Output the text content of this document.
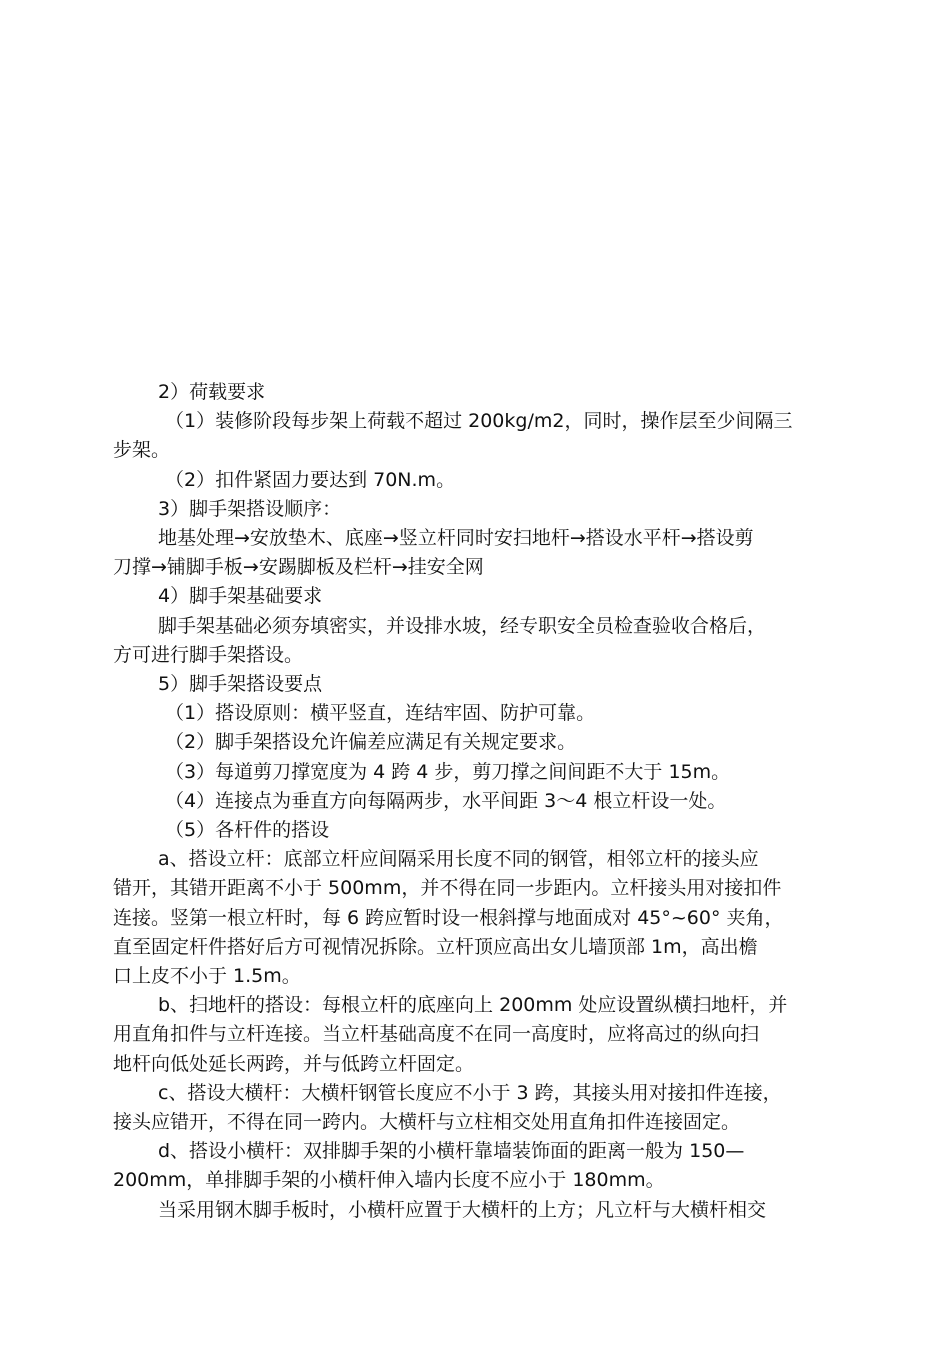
2）荷载要求
（1）装修阶段每步架上荷载不超过 200kg/m2，同时，操作层至少间隔三
步架。
（2）扣件紧固力要达到 70N.m。
3）脚手架搭设顺序：
地基处理→安放垫木、底座→竖立杆同时安扫地杆→搭设水平杆→搭设剪
刀撑→铺脚手板→安踢脚板及栏杆→挂安全网
4）脚手架基础要求
脚手架基础必须夯填密实，并设排水坡，经专职安全员检查验收合格后，
方可进行脚手架搭设。
5）脚手架搭设要点
（1）搭设原则：横平竖直，连结牢固、防护可靠。
（2）脚手架搭设允许偏差应满足有关规定要求。
（3）每道剪刀撑宽度为 4 跨 4 步，剪刀撑之间间距不大于 15m。
（4）连接点为垂直方向每隔两步，水平间距 3～4 根立杆设一处。
（5）各杆件的搭设
a、搭设立杆：底部立杆应间隔采用长度不同的钢管，相邻立杆的接头应
错开，其错开距离不小于 500mm，并不得在同一步距内。立杆接头用对接扣件
连接。竖第一根立杆时，每 6 跨应暂时设一根斜撑与地面成对 45°~60° 夹角，
直至固定杆件搭好后方可视情况拆除。立杆顶应高出女儿墙顶部 1m，高出檐
口上皮不小于 1.5m。
b、扫地杆的搭设：每根立杆的底座向上 200mm 处应设置纵横扫地杆，并
用直角扣件与立杆连接。当立杆基础高度不在同一高度时，应将高过的纵向扫
地杆向低处延长两跨，并与低跨立杆固定。
c、搭设大横杆：大横杆钢管长度应不小于 3 跨，其接头用对接扣件连接，
接头应错开，不得在同一跨内。大横杆与立柱相交处用直角扣件连接固定。
d、搭设小横杆：双排脚手架的小横杆靠墙装饰面的距离一般为 150—
200mm，单排脚手架的小横杆伸入墙内长度不应小于 180mm。
当采用钢木脚手板时，小横杆应置于大横杆的上方；凡立杆与大横杆相交
